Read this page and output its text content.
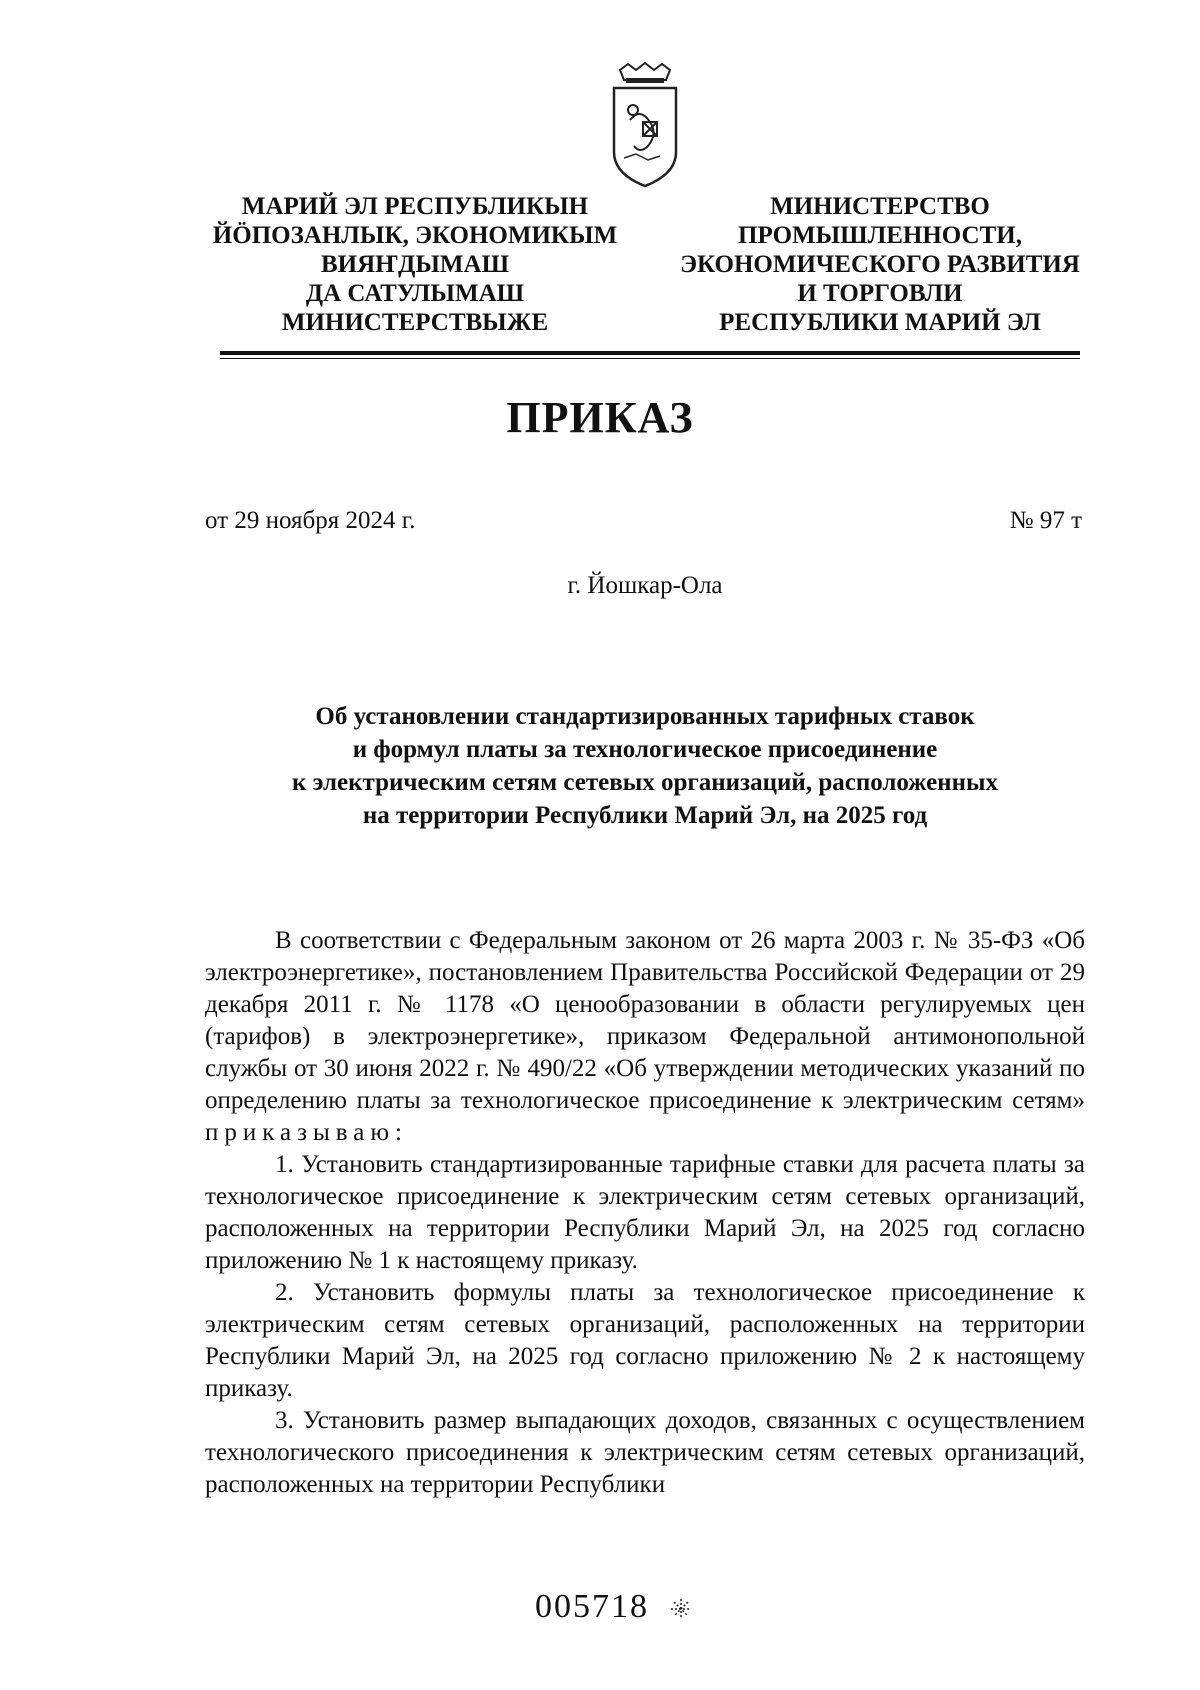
МАРИЙ ЭЛ РЕСПУБЛИКЫН
ЙӦПОЗАНЛЫК, ЭКОНОМИКЫМ
ВИЯҤДЫМАШ
ДА САТУЛЫМАШ
МИНИСТЕРСТВЫЖЕ
МИНИСТЕРСТВО
ПРОМЫШЛЕННОСТИ,
ЭКОНОМИЧЕСКОГО РАЗВИТИЯ
И ТОРГОВЛИ
РЕСПУБЛИКИ МАРИЙ ЭЛ
ПРИКАЗ
от 29 ноября 2024 г.	№ 97 т
г. Йошкар-Ола
Об установлении стандартизированных тарифных ставок
и формул платы за технологическое присоединение
к электрическим сетям сетевых организаций, расположенных
на территории Республики Марий Эл, на 2025 год

В соответствии с Федеральным законом от 26 марта 2003 г. № 35-ФЗ «Об электроэнергетике», постановлением Правительства Российской Федерации от 29 декабря 2011 г. № 1178 «О ценообразовании в области регулируемых цен (тарифов) в электроэнергетике», приказом Федеральной антимонопольной службы от 30 июня 2022 г. № 490/22 «Об утверждении методических указаний по определению платы за технологическое присоединение к электрическим сетям» приказываю:

1. Установить стандартизированные тарифные ставки для расчета платы за технологическое присоединение к электрическим сетям сетевых организаций, расположенных на территории Республики Марий Эл, на 2025 год согласно приложению № 1 к настоящему приказу.

2. Установить формулы платы за технологическое присоединение к электрическим сетям сетевых организаций, расположенных на территории Республики Марий Эл, на 2025 год согласно приложению № 2 к настоящему приказу.

3. Установить размер выпадающих доходов, связанных с осуществлением технологического присоединения к электрическим сетям сетевых организаций, расположенных на территории Республики

005718
